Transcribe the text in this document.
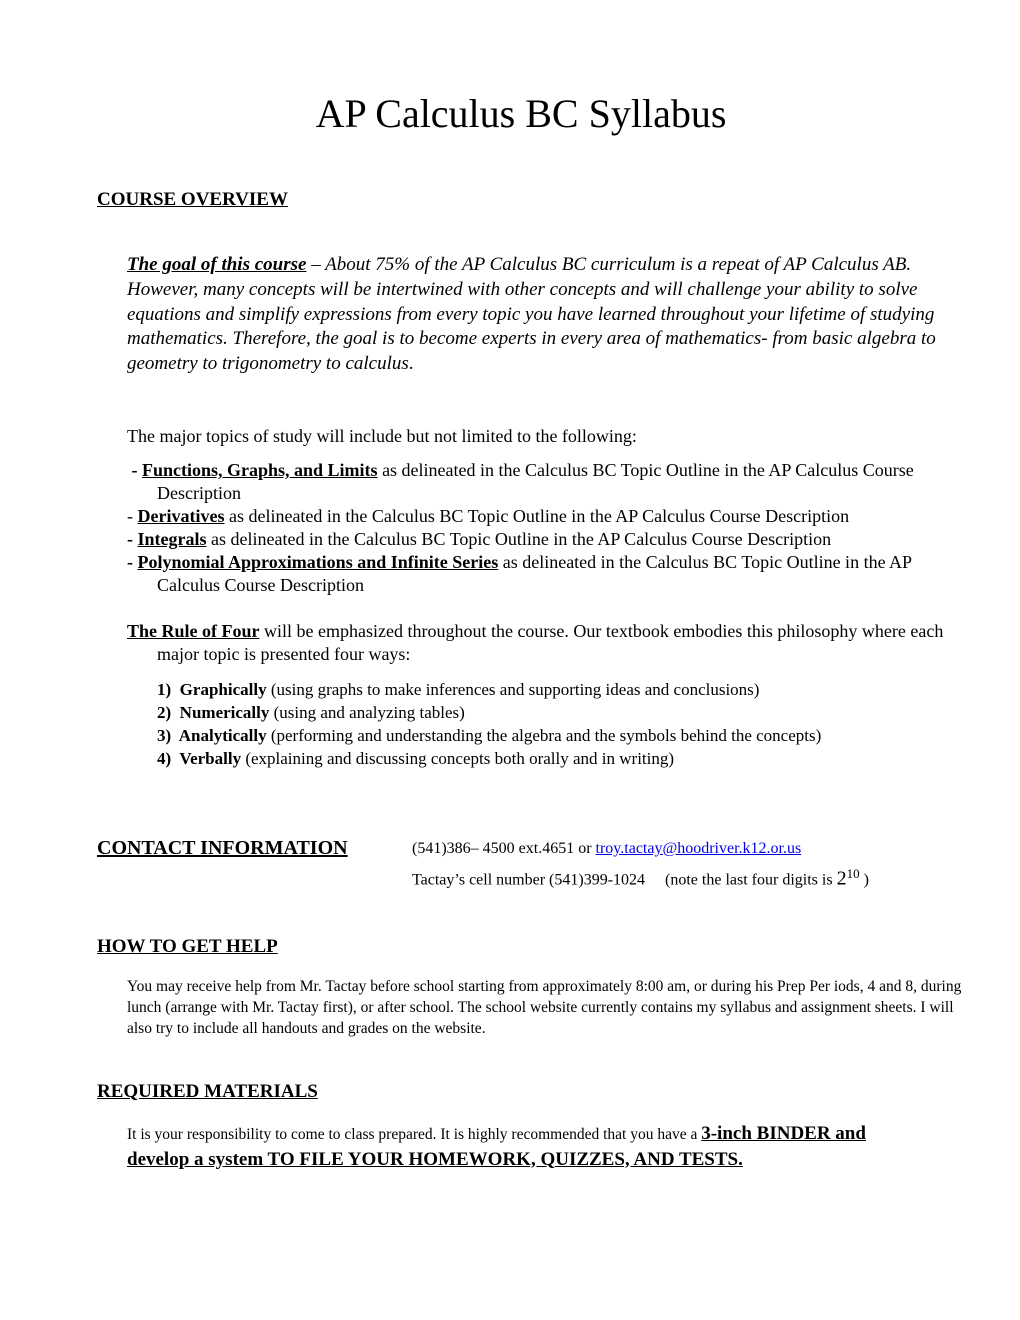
AP Calculus BC Syllabus
COURSE OVERVIEW
The goal of this course – About 75% of the AP Calculus BC curriculum is a repeat of AP Calculus AB. However, many concepts will be intertwined with other concepts and will challenge your ability to solve equations and simplify expressions from every topic you have learned throughout your lifetime of studying mathematics. Therefore, the goal is to become experts in every area of mathematics- from basic algebra to geometry to trigonometry to calculus.
The major topics of study will include but not limited to the following:
- Functions, Graphs, and Limits as delineated in the Calculus BC Topic Outline in the AP Calculus Course Description
- Derivatives as delineated in the Calculus BC Topic Outline in the AP Calculus Course Description
- Integrals as delineated in the Calculus BC Topic Outline in the AP Calculus Course Description
- Polynomial Approximations and Infinite Series as delineated in the Calculus BC Topic Outline in the AP Calculus Course Description
The Rule of Four will be emphasized throughout the course. Our textbook embodies this philosophy where each major topic is presented four ways:
1)  Graphically (using graphs to make inferences and supporting ideas and conclusions)
2)  Numerically (using and analyzing tables)
3)  Analytically (performing and understanding the algebra and the symbols behind the concepts)
4)  Verbally (explaining and discussing concepts both orally and in writing)
CONTACT INFORMATION	(541)386– 4500 ext.4651 or troy.tactay@hoodriver.k12.or.us
Tactay’s cell number (541)399-1024     (note the last four digits is $2^{10}$ )
HOW TO GET HELP
You may receive help from Mr. Tactay before school starting from approximately 8:00 am, or during his Prep Per iods, 4 and 8, during lunch (arrange with Mr. Tactay first), or after school. The school website currently contains my syllabus and assignment sheets. I will also try to include all handouts and grades on the website.
REQUIRED MATERIALS
It is your responsibility to come to class prepared. It is highly recommended that you have a 3-inch BINDER and develop a system TO FILE YOUR HOMEWORK, QUIZZES, AND TESTS.
